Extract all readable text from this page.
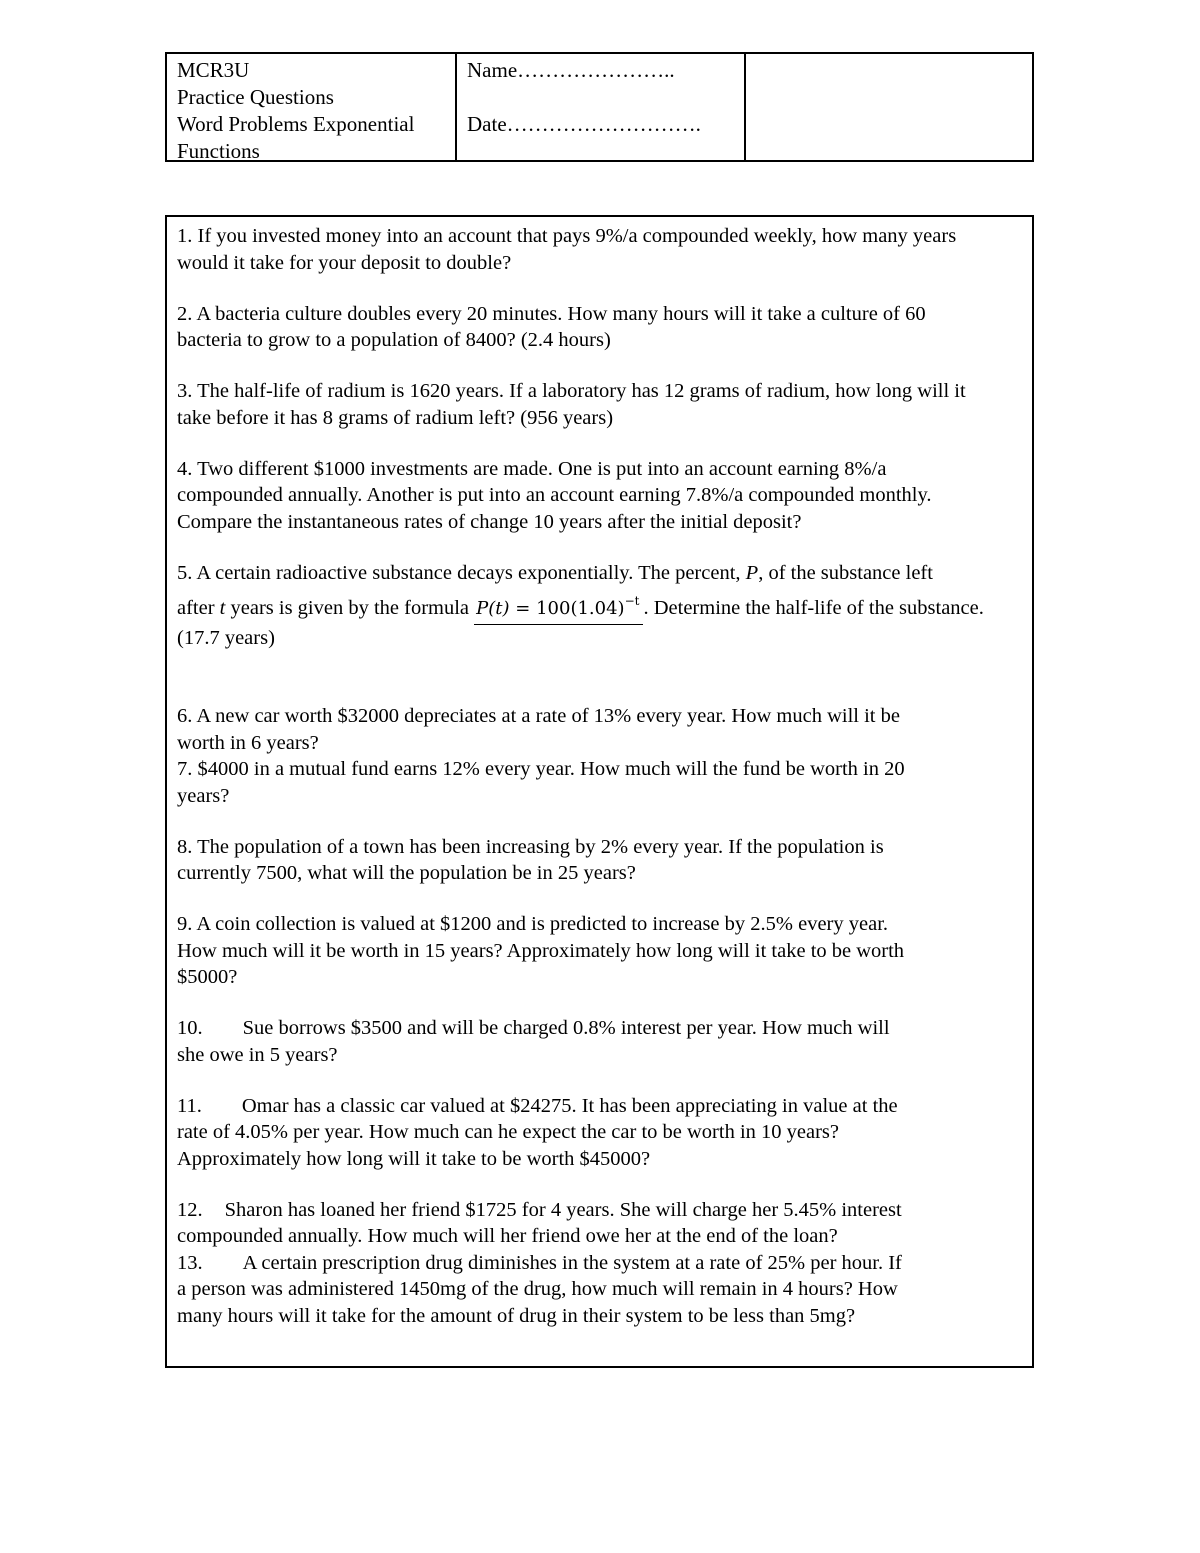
MCR3U
Practice Questions
Word Problems Exponential
Functions
Name…………………..
Date……………………….
1. If you invested money into an account that pays 9%/a compounded weekly, how many years
would it take for your deposit to double?
2. A bacteria culture doubles every 20 minutes. How many hours will it take a culture of 60
bacteria to grow to a population of 8400? (2.4 hours)
3. The half-life of radium is 1620 years. If a laboratory has 12 grams of radium, how long will it
take before it has 8 grams of radium left? (956 years)
4. Two different $1000 investments are made. One is put into an account earning 8%/a
compounded annually. Another is put into an account earning 7.8%/a compounded monthly.
Compare the instantaneous rates of change 10 years after the initial deposit?
5. A certain radioactive substance decays exponentially. The percent, P, of the substance left
after t years is given by the formula $P(t) = 100(1.04)^{-t}$ . Determine the half-life of the substance.
(17.7 years)
6. A new car worth $32000 depreciates at a rate of 13% every year. How much will it be
worth in 6 years?
7. $4000 in a mutual fund earns 12% every year. How much will the fund be worth in 20
years?
8. The population of a town has been increasing by 2% every year. If the population is
currently 7500, what will the population be in 25 years?
9. A coin collection is valued at $1200 and is predicted to increase by 2.5% every year.
How much will it be worth in 15 years? Approximately how long will it take to be worth
$5000?
10. Sue borrows $3500 and will be charged 0.8% interest per year. How much will
she owe in 5 years?
11. Omar has a classic car valued at $24275. It has been appreciating in value at the
rate of 4.05% per year. How much can he expect the car to be worth in 10 years?
Approximately how long will it take to be worth $45000?
12. Sharon has loaned her friend $1725 for 4 years. She will charge her 5.45% interest
compounded annually. How much will her friend owe her at the end of the loan?
13. A certain prescription drug diminishes in the system at a rate of 25% per hour. If
a person was administered 1450mg of the drug, how much will remain in 4 hours? How
many hours will it take for the amount of drug in their system to be less than 5mg?
